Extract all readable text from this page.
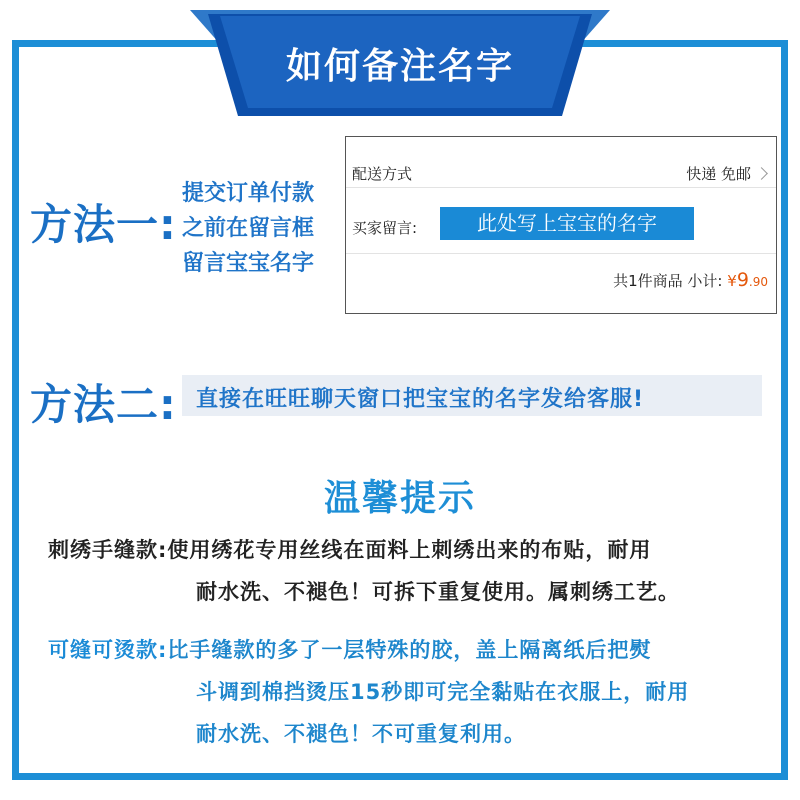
如何备注名字
方法一:
提交订单付款
之前在留言框
留言宝宝名字
配送方式	快递 免邮
买家留言:	此处写上宝宝的名字
共1件商品 小计: ¥9.90
方法二: 直接在旺旺聊天窗口把宝宝的名字发给客服!
温馨提示
刺绣手缝款:使用绣花专用丝线在面料上刺绣出来的布贴，耐用
耐水洗、不褪色！可拆下重复使用。属刺绣工艺。
可缝可烫款:比手缝款的多了一层特殊的胶，盖上隔离纸后把熨
斗调到棉挡烫压15秒即可完全黏贴在衣服上，耐用
耐水洗、不褪色！不可重复利用。
